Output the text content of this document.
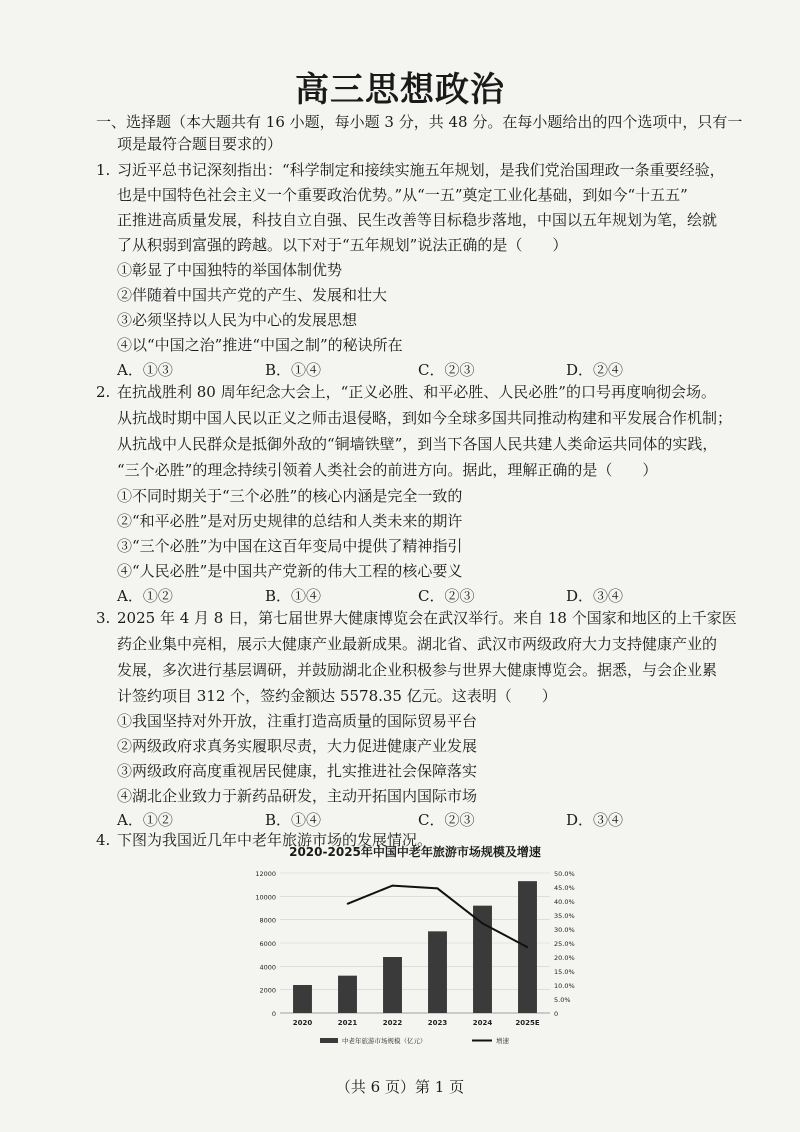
高三思想政治
一、选择题（本大题共有 16 小题，每小题 3 分，共 48 分。在每小题给出的四个选项中，只有一
项是最符合题目要求的）
1. 习近平总书记深刻指出：“科学制定和接续实施五年规划，是我们党治国理政一条重要经验，
也是中国特色社会主义一个重要政治优势。”从“一五”奠定工业化基础，到如今“十五五”
正推进高质量发展，科技自立自强、民生改善等目标稳步落地，中国以五年规划为笔，绘就
了从积弱到富强的跨越。以下对于“五年规划”说法正确的是（　　）
①彰显了中国独特的举国体制优势
②伴随着中国共产党的产生、发展和壮大
③必须坚持以人民为中心的发展思想
④以“中国之治”推进“中国之制”的秘诀所在
A．①③	B．①④	C．②③	D．②④
2. 在抗战胜利 80 周年纪念大会上，“正义必胜、和平必胜、人民必胜”的口号再度响彻会场。
从抗战时期中国人民以正义之师击退侵略，到如今全球多国共同推动构建和平发展合作机制；
从抗战中人民群众是抵御外敌的“铜墙铁壁”，到当下各国人民共建人类命运共同体的实践，
“三个必胜”的理念持续引领着人类社会的前进方向。据此，理解正确的是（　　）
①不同时期关于“三个必胜”的核心内涵是完全一致的
②“和平必胜”是对历史规律的总结和人类未来的期许
③“三个必胜”为中国在这百年变局中提供了精神指引
④“人民必胜”是中国共产党新的伟大工程的核心要义
A．①②	B．①④	C．②③	D．③④
3. 2025 年 4 月 8 日，第七届世界大健康博览会在武汉举行。来自 18 个国家和地区的上千家医
药企业集中亮相，展示大健康产业最新成果。湖北省、武汉市两级政府大力支持健康产业的
发展，多次进行基层调研，并鼓励湖北企业积极参与世界大健康博览会。据悉，与会企业累
计签约项目 312 个，签约金额达 5578.35 亿元。这表明（　　）
①我国坚持对外开放，注重打造高质量的国际贸易平台
②两级政府求真务实履职尽责，大力促进健康产业发展
③两级政府高度重视居民健康，扎实推进社会保障落实
④湖北企业致力于新药品研发，主动开拓国内国际市场
A．①②	B．①④	C．②③	D．③④
4. 下图为我国近几年中老年旅游市场的发展情况。
2020-2025年中国中老年旅游市场规模及增速
0
2000
4000
6000
8000
10000
12000
0
5.0%
10.0%
15.0%
20.0%
25.0%
30.0%
35.0%
40.0%
45.0%
50.0%
2020	2021	2022	2023	2024	2025E
中老年旅游市场规模（亿元）	增速
（共 6 页）第 1 页
